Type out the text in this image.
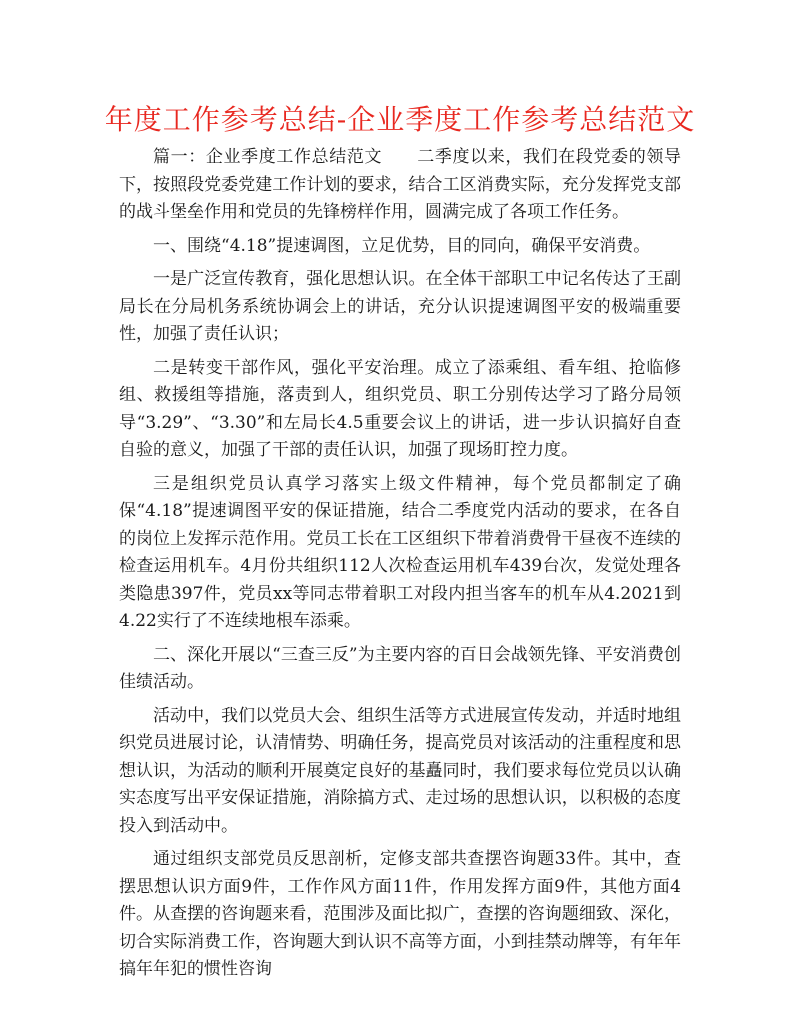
年度工作参考总结-企业季度工作参考总结范文

篇一：企业季度工作总结范文　　二季度以来，我们在段党委的领导下，按照段党委党建工作计划的要求，结合工区消费实际，充分发挥党支部的战斗堡垒作用和党员的先锋榜样作用，圆满完成了各项工作任务。

一、围绕“4.18”提速调图，立足优势，目的同向，确保平安消费。

一是广泛宣传教育，强化思想认识。在全体干部职工中记名传达了王副局长在分局机务系统协调会上的讲话，充分认识提速调图平安的极端重要性，加强了责任认识；

二是转变干部作风，强化平安治理。成立了添乘组、看车组、抢临修组、救援组等措施，落责到人，组织党员、职工分别传达学习了路分局领导“3.29”、“3.30”和左局长4.5重要会议上的讲话，进一步认识搞好自查自验的意义，加强了干部的责任认识，加强了现场盯控力度。

三是组织党员认真学习落实上级文件精神，每个党员都制定了确保“4.18”提速调图平安的保证措施，结合二季度党内活动的要求，在各自的岗位上发挥示范作用。党员工长在工区组织下带着消费骨干昼夜不连续的检查运用机车。4月份共组织112人次检查运用机车439台次，发觉处理各类隐患397件，党员xx等同志带着职工对段内担当客车的机车从4.2021到4.22实行了不连续地根车添乘。

二、深化开展以“三查三反”为主要内容的百日会战领先锋、平安消费创佳绩活动。

活动中，我们以党员大会、组织生活等方式进展宣传发动，并适时地组织党员进展讨论，认清情势、明确任务，提高党员对该活动的注重程度和思想认识，为活动的顺利开展奠定良好的基矗同时，我们要求每位党员以认确实态度写出平安保证措施，消除搞方式、走过场的思想认识，以积极的态度投入到活动中。

通过组织支部党员反思剖析，定修支部共查摆咨询题33件。其中，查摆思想认识方面9件，工作作风方面11件，作用发挥方面9件，其他方面4件。从查摆的咨询题来看，范围涉及面比拟广，查摆的咨询题细致、深化，切合实际消费工作，咨询题大到认识不高等方面，小到挂禁动牌等，有年年搞年年犯的惯性咨询
